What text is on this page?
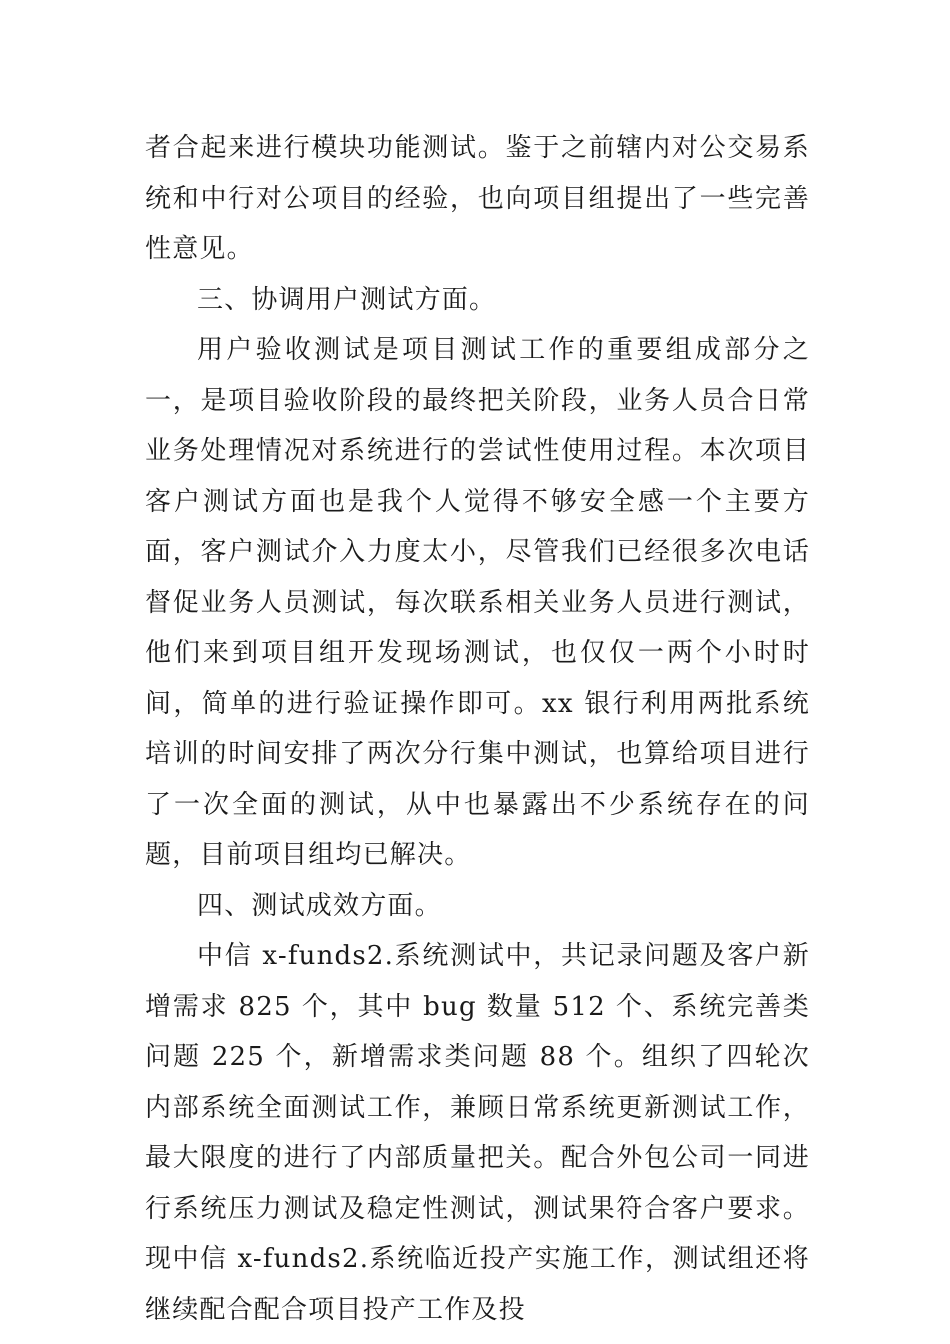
者合起来进行模块功能测试。鉴于之前辖内对公交易系统和中行对公项目的经验，也向项目组提出了一些完善性意见。

三、协调用户测试方面。

用户验收测试是项目测试工作的重要组成部分之一，是项目验收阶段的最终把关阶段，业务人员合日常业务处理情况对系统进行的尝试性使用过程。本次项目客户测试方面也是我个人觉得不够安全感一个主要方面，客户测试介入力度太小，尽管我们已经很多次电话督促业务人员测试，每次联系相关业务人员进行测试，他们来到项目组开发现场测试，也仅仅一两个小时时间，简单的进行验证操作即可。xx 银行利用两批系统培训的时间安排了两次分行集中测试，也算给项目进行了一次全面的测试，从中也暴露出不少系统存在的问题，目前项目组均已解决。

四、测试成效方面。

中信 x-funds2.系统测试中，共记录问题及客户新增需求 825 个，其中 bug 数量 512 个、系统完善类问题 225 个，新增需求类问题 88 个。组织了四轮次内部系统全面测试工作，兼顾日常系统更新测试工作，最大限度的进行了内部质量把关。配合外包公司一同进行系统压力测试及稳定性测试，测试果符合客户要求。现中信 x-funds2.系统临近投产实施工作，测试组还将继续配合配合项目投产工作及投
